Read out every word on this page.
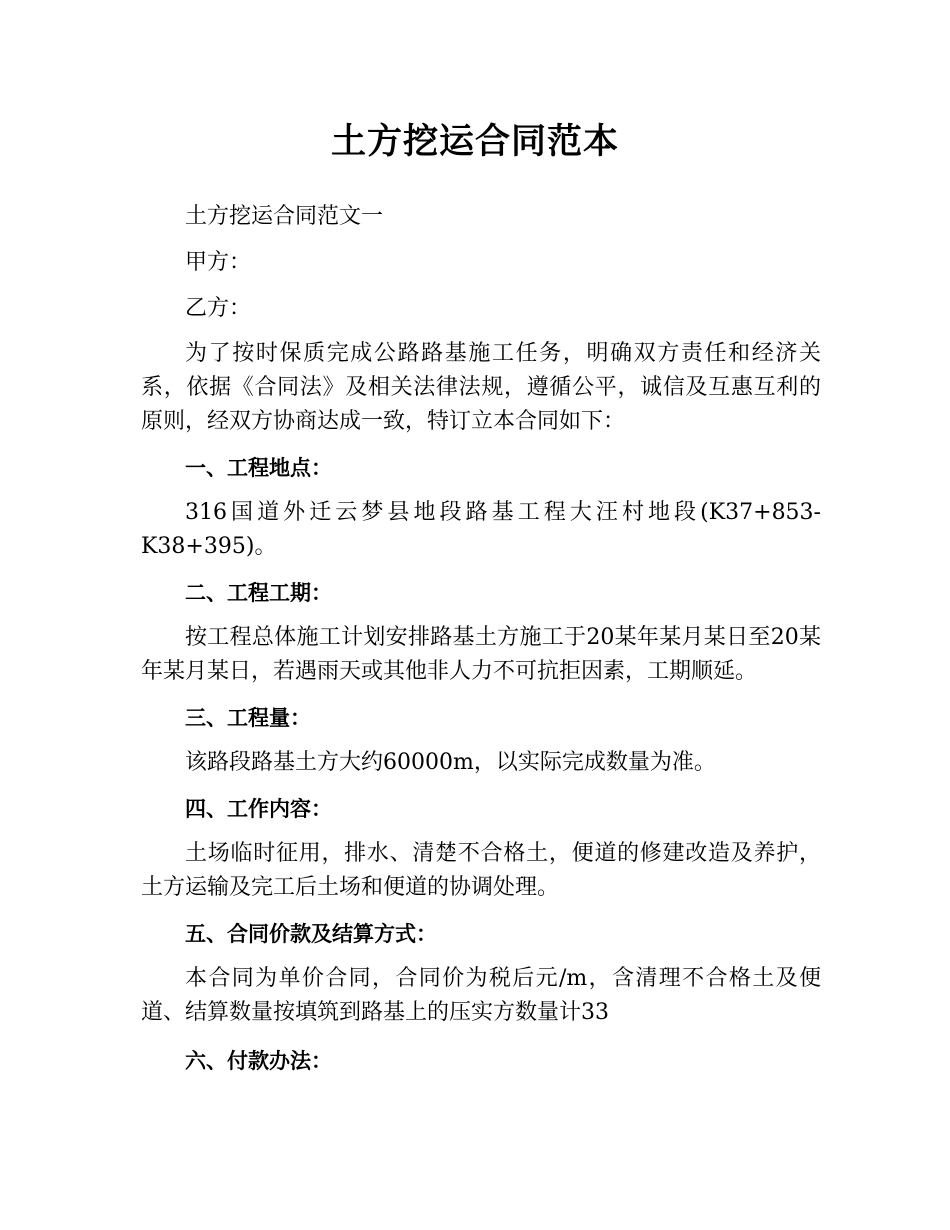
土方挖运合同范本

土方挖运合同范文一

甲方：

乙方：

为了按时保质完成公路路基施工任务，明确双方责任和经济关系，依据《合同法》及相关法律法规，遵循公平，诚信及互惠互利的原则，经双方协商达成一致，特订立本合同如下：

一、工程地点：

316国道外迁云梦县地段路基工程大汪村地段(K37+853-K38+395)。

二、工程工期：

按工程总体施工计划安排路基土方施工于20某年某月某日至20某年某月某日，若遇雨天或其他非人力不可抗拒因素，工期顺延。

三、工程量：

该路段路基土方大约60000m，以实际完成数量为准。

四、工作内容：

土场临时征用，排水、清楚不合格土，便道的修建改造及养护，土方运输及完工后土场和便道的协调处理。

五、合同价款及结算方式：

本合同为单价合同，合同价为税后元/m，含清理不合格土及便道、结算数量按填筑到路基上的压实方数量计33

六、付款办法：
